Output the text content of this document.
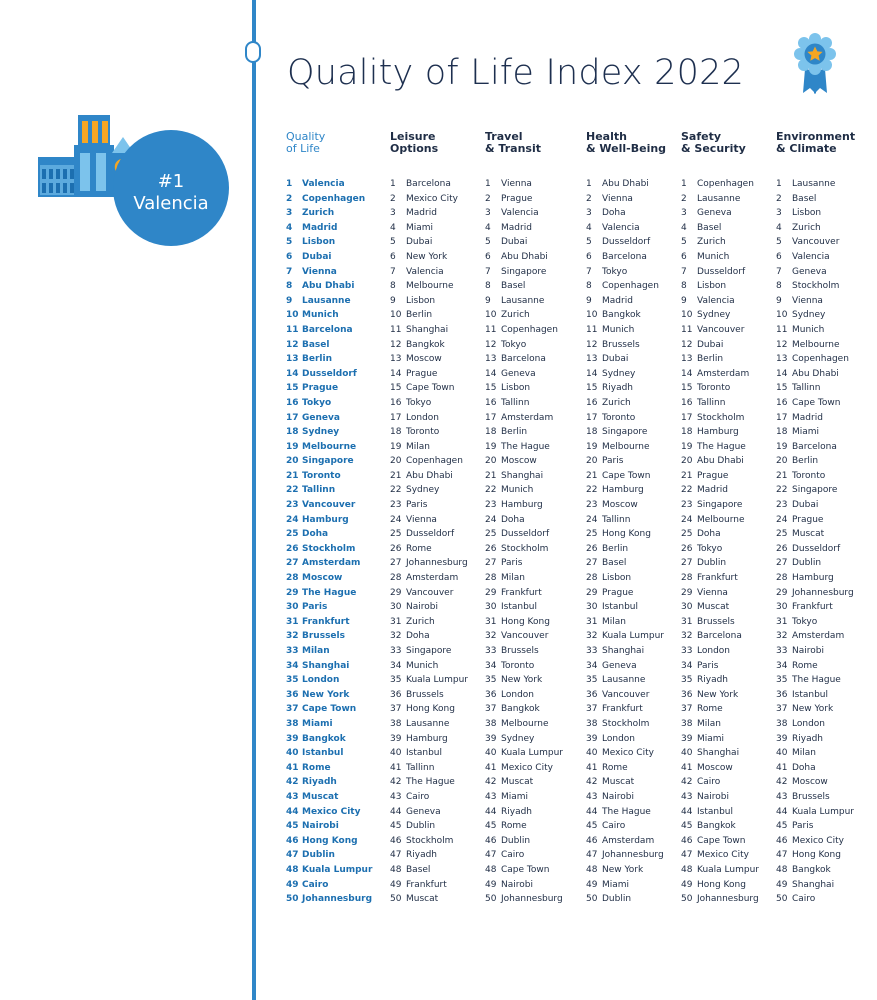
Quality of Life Index 2022
#1
Valencia
Quality
of Life
1 Valencia
2 Copenhagen
3 Zurich
4 Madrid
5 Lisbon
6 Dubai
7 Vienna
8 Abu Dhabi
9 Lausanne
10 Munich
11 Barcelona
12 Basel
13 Berlin
14 Dusseldorf
15 Prague
16 Tokyo
17 Geneva
18 Sydney
19 Melbourne
20 Singapore
21 Toronto
22 Tallinn
23 Vancouver
24 Hamburg
25 Doha
26 Stockholm
27 Amsterdam
28 Moscow
29 The Hague
30 Paris
31 Frankfurt
32 Brussels
33 Milan
34 Shanghai
35 London
36 New York
37 Cape Town
38 Miami
39 Bangkok
40 Istanbul
41 Rome
42 Riyadh
43 Muscat
44 Mexico City
45 Nairobi
46 Hong Kong
47 Dublin
48 Kuala Lumpur
49 Cairo
50 Johannesburg
Leisure
Options
1 Barcelona
2 Mexico City
3 Madrid
4 Miami
5 Dubai
6 New York
7 Valencia
8 Melbourne
9 Lisbon
10 Berlin
11 Shanghai
12 Bangkok
13 Moscow
14 Prague
15 Cape Town
16 Tokyo
17 London
18 Toronto
19 Milan
20 Copenhagen
21 Abu Dhabi
22 Sydney
23 Paris
24 Vienna
25 Dusseldorf
26 Rome
27 Johannesburg
28 Amsterdam
29 Vancouver
30 Nairobi
31 Zurich
32 Doha
33 Singapore
34 Munich
35 Kuala Lumpur
36 Brussels
37 Hong Kong
38 Lausanne
39 Hamburg
40 Istanbul
41 Tallinn
42 The Hague
43 Cairo
44 Geneva
45 Dublin
46 Stockholm
47 Riyadh
48 Basel
49 Frankfurt
50 Muscat
Travel
& Transit
1 Vienna
2 Prague
3 Valencia
4 Madrid
5 Dubai
6 Abu Dhabi
7 Singapore
8 Basel
9 Lausanne
10 Zurich
11 Copenhagen
12 Tokyo
13 Barcelona
14 Geneva
15 Lisbon
16 Tallinn
17 Amsterdam
18 Berlin
19 The Hague
20 Moscow
21 Shanghai
22 Munich
23 Hamburg
24 Doha
25 Dusseldorf
26 Stockholm
27 Paris
28 Milan
29 Frankfurt
30 Istanbul
31 Hong Kong
32 Vancouver
33 Brussels
34 Toronto
35 New York
36 London
37 Bangkok
38 Melbourne
39 Sydney
40 Kuala Lumpur
41 Mexico City
42 Muscat
43 Miami
44 Riyadh
45 Rome
46 Dublin
47 Cairo
48 Cape Town
49 Nairobi
50 Johannesburg
Health
& Well-Being
1 Abu Dhabi
2 Vienna
3 Doha
4 Valencia
5 Dusseldorf
6 Barcelona
7 Tokyo
8 Copenhagen
9 Madrid
10 Bangkok
11 Munich
12 Brussels
13 Dubai
14 Sydney
15 Riyadh
16 Zurich
17 Toronto
18 Singapore
19 Melbourne
20 Paris
21 Cape Town
22 Hamburg
23 Moscow
24 Tallinn
25 Hong Kong
26 Berlin
27 Basel
28 Lisbon
29 Prague
30 Istanbul
31 Milan
32 Kuala Lumpur
33 Shanghai
34 Geneva
35 Lausanne
36 Vancouver
37 Frankfurt
38 Stockholm
39 London
40 Mexico City
41 Rome
42 Muscat
43 Nairobi
44 The Hague
45 Cairo
46 Amsterdam
47 Johannesburg
48 New York
49 Miami
50 Dublin
Safety
& Security
1 Copenhagen
2 Lausanne
3 Geneva
4 Basel
5 Zurich
6 Munich
7 Dusseldorf
8 Lisbon
9 Valencia
10 Sydney
11 Vancouver
12 Dubai
13 Berlin
14 Amsterdam
15 Toronto
16 Tallinn
17 Stockholm
18 Hamburg
19 The Hague
20 Abu Dhabi
21 Prague
22 Madrid
23 Singapore
24 Melbourne
25 Doha
26 Tokyo
27 Dublin
28 Frankfurt
29 Vienna
30 Muscat
31 Brussels
32 Barcelona
33 London
34 Paris
35 Riyadh
36 New York
37 Rome
38 Milan
39 Miami
40 Shanghai
41 Moscow
42 Cairo
43 Nairobi
44 Istanbul
45 Bangkok
46 Cape Town
47 Mexico City
48 Kuala Lumpur
49 Hong Kong
50 Johannesburg
Environment
& Climate
1 Lausanne
2 Basel
3 Lisbon
4 Zurich
5 Vancouver
6 Valencia
7 Geneva
8 Stockholm
9 Vienna
10 Sydney
11 Munich
12 Melbourne
13 Copenhagen
14 Abu Dhabi
15 Tallinn
16 Cape Town
17 Madrid
18 Miami
19 Barcelona
20 Berlin
21 Toronto
22 Singapore
23 Dubai
24 Prague
25 Muscat
26 Dusseldorf
27 Dublin
28 Hamburg
29 Johannesburg
30 Frankfurt
31 Tokyo
32 Amsterdam
33 Nairobi
34 Rome
35 The Hague
36 Istanbul
37 New York
38 London
39 Riyadh
40 Milan
41 Doha
42 Moscow
43 Brussels
44 Kuala Lumpur
45 Paris
46 Mexico City
47 Hong Kong
48 Bangkok
49 Shanghai
50 Cairo
